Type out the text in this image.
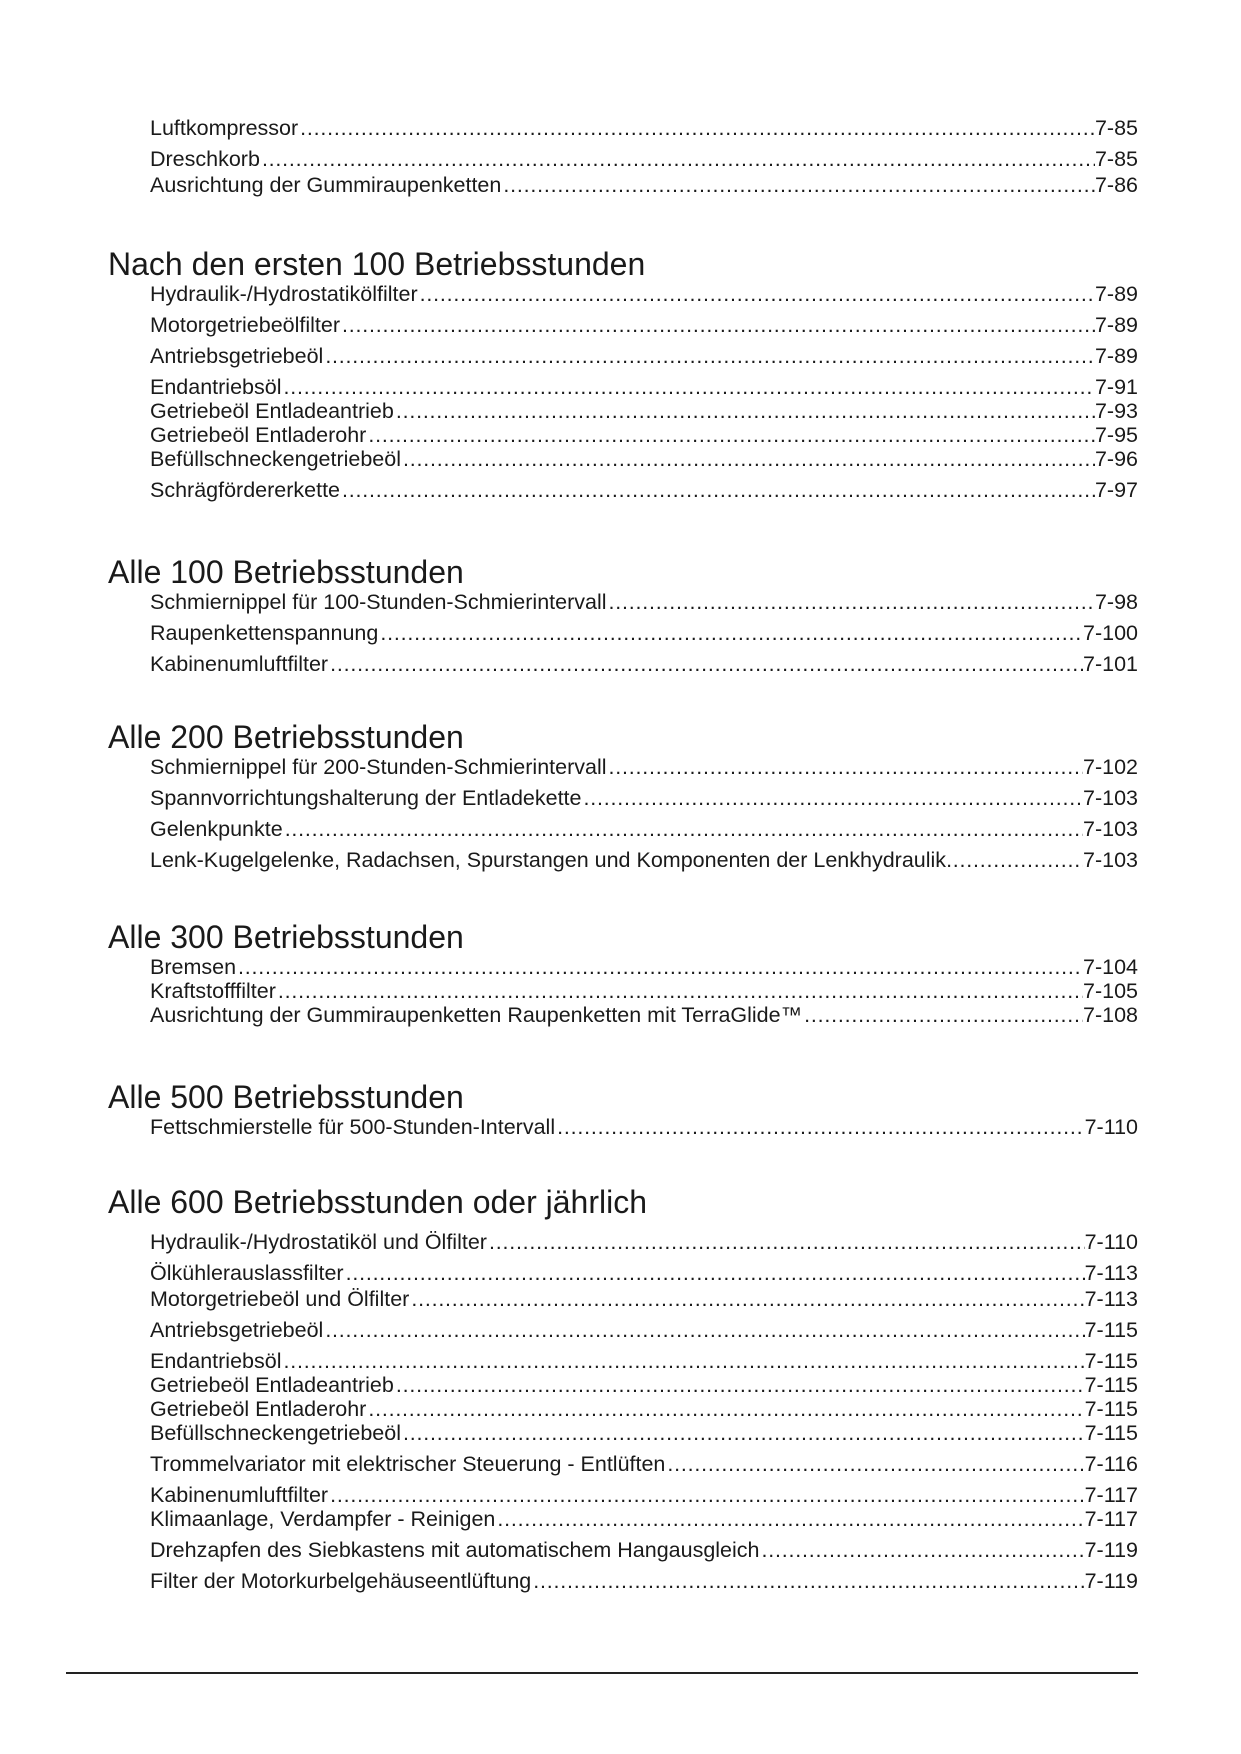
Luftkompressor . . .	7-85
Dreschkorb . . .	7-85
Ausrichtung der Gummiraupenketten . . .	7-86
Nach den ersten 100 Betriebsstunden
Hydraulik-/Hydrostatikölfilter . . .	7-89
Motorgetriebeölfilter . . .	7-89
Antriebsgetriebeöl . . .	7-89
Endantriebsöl . . .	7-91
Getriebeöl Entladeantrieb . . .	7-93
Getriebeöl Entladerohr . . .	7-95
Befüllschneckengetriebeöl . . .	7-96
Schrägfördererkette . . .	7-97
Alle 100 Betriebsstunden
Schmiernippel für 100-Stunden-Schmierintervall . . .	7-98
Raupenkettenspannung . . .	7-100
Kabinenumluftfilter . . .	7-101
Alle 200 Betriebsstunden
Schmiernippel für 200-Stunden-Schmierintervall . . .	7-102
Spannvorrichtungshalterung der Entladekette . . .	7-103
Gelenkpunkte . . .	7-103
Lenk-Kugelgelenke, Radachsen, Spurstangen und Komponenten der Lenkhydraulik . . .	7-103
Alle 300 Betriebsstunden
Bremsen . . .	7-104
Kraftstofffilter . . .	7-105
Ausrichtung der Gummiraupenketten Raupenketten mit TerraGlide™ . . .	7-108
Alle 500 Betriebsstunden
Fettschmierstelle für 500-Stunden-Intervall . . .	7-110
Alle 600 Betriebsstunden oder jährlich
Hydraulik-/Hydrostatiköl und Ölfilter . . .	7-110
Ölkühlerauslassfilter . . .	7-113
Motorgetriebeöl und Ölfilter . . .	7-113
Antriebsgetriebeöl . . .	7-115
Endantriebsöl . . .	7-115
Getriebeöl Entladeantrieb . . .	7-115
Getriebeöl Entladerohr . . .	7-115
Befüllschneckengetriebeöl . . .	7-115
Trommelvariator mit elektrischer Steuerung - Entlüften . . .	7-116
Kabinenumluftfilter . . .	7-117
Klimaanlage, Verdampfer - Reinigen . . .	7-117
Drehzapfen des Siebkastens mit automatischem Hangausgleich . . .	7-119
Filter der Motorkurbelgehäuseentlüftung . . .	7-119
